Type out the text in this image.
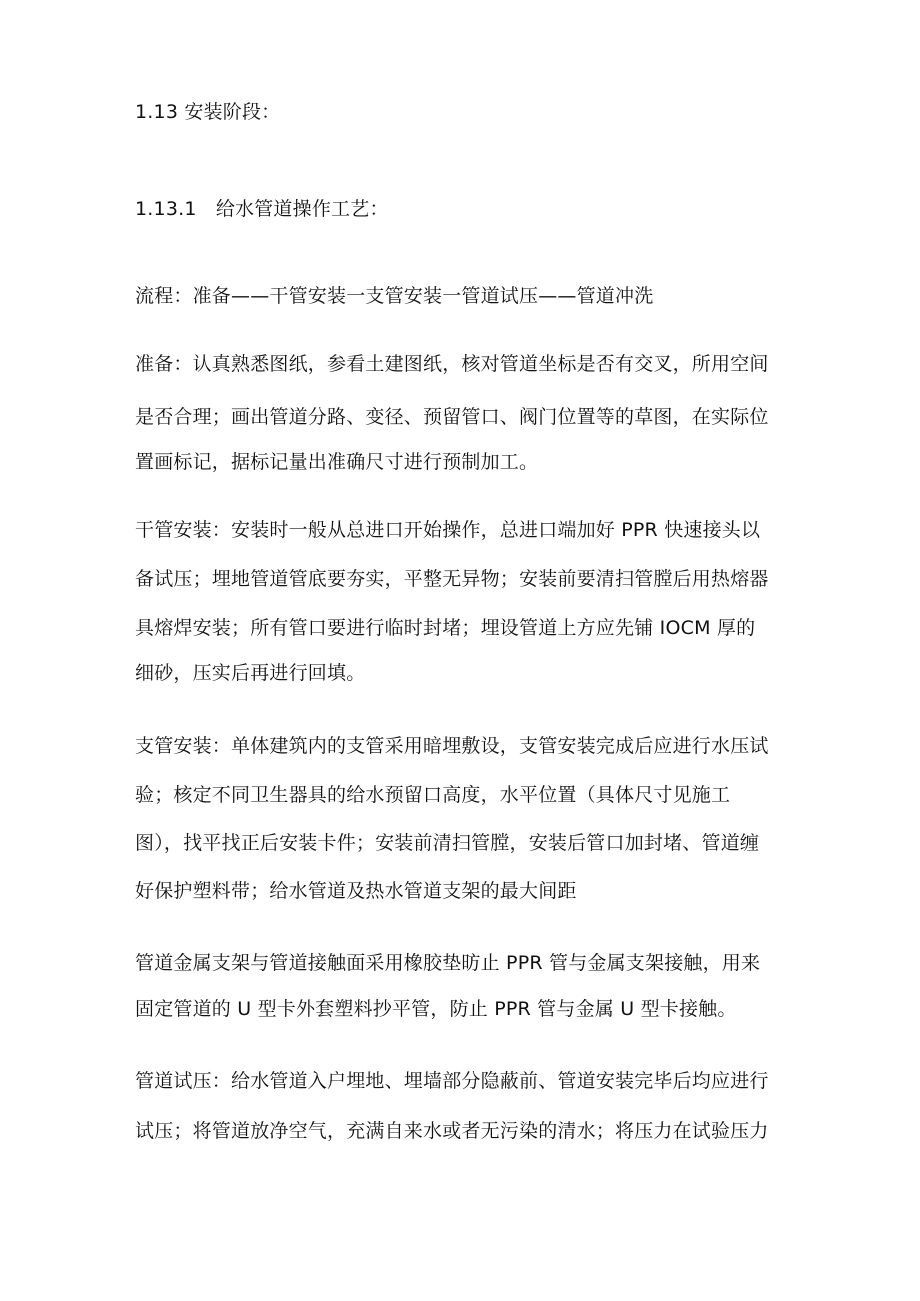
1.13 安装阶段：
1.13.1　给水管道操作工艺：
流程：准备——干管安装一支管安装一管道试压——管道冲洗
准备：认真熟悉图纸，参看土建图纸，核对管道坐标是否有交叉，所用空间
是否合理；画出管道分路、变径、预留管口、阀门位置等的草图，在实际位
置画标记，据标记量出准确尺寸进行预制加工。
干管安装：安装时一般从总进口开始操作，总进口端加好 PPR 快速接头以
备试压；埋地管道管底要夯实，平整无异物；安装前要清扫管膛后用热熔器
具熔焊安装；所有管口要进行临时封堵；埋设管道上方应先铺 IOCM 厚的
细砂，压实后再进行回填。
支管安装：单体建筑内的支管采用暗埋敷设，支管安装完成后应进行水压试
验；核定不同卫生器具的给水预留口高度，水平位置（具体尺寸见施工
图），找平找正后安装卡件；安装前清扫管膛，安装后管口加封堵、管道缠
好保护塑料带；给水管道及热水管道支架的最大间距
管道金属支架与管道接触面采用橡胶垫昉止 PPR 管与金属支架接触，用来
固定管道的 U 型卡外套塑料抄平管，防止 PPR 管与金属 U 型卡接触。
管道试压：给水管道入户埋地、埋墙部分隐蔽前、管道安装完毕后均应进行
试压；将管道放净空气，充满自来水或者无污染的清水；将压力在试验压力
